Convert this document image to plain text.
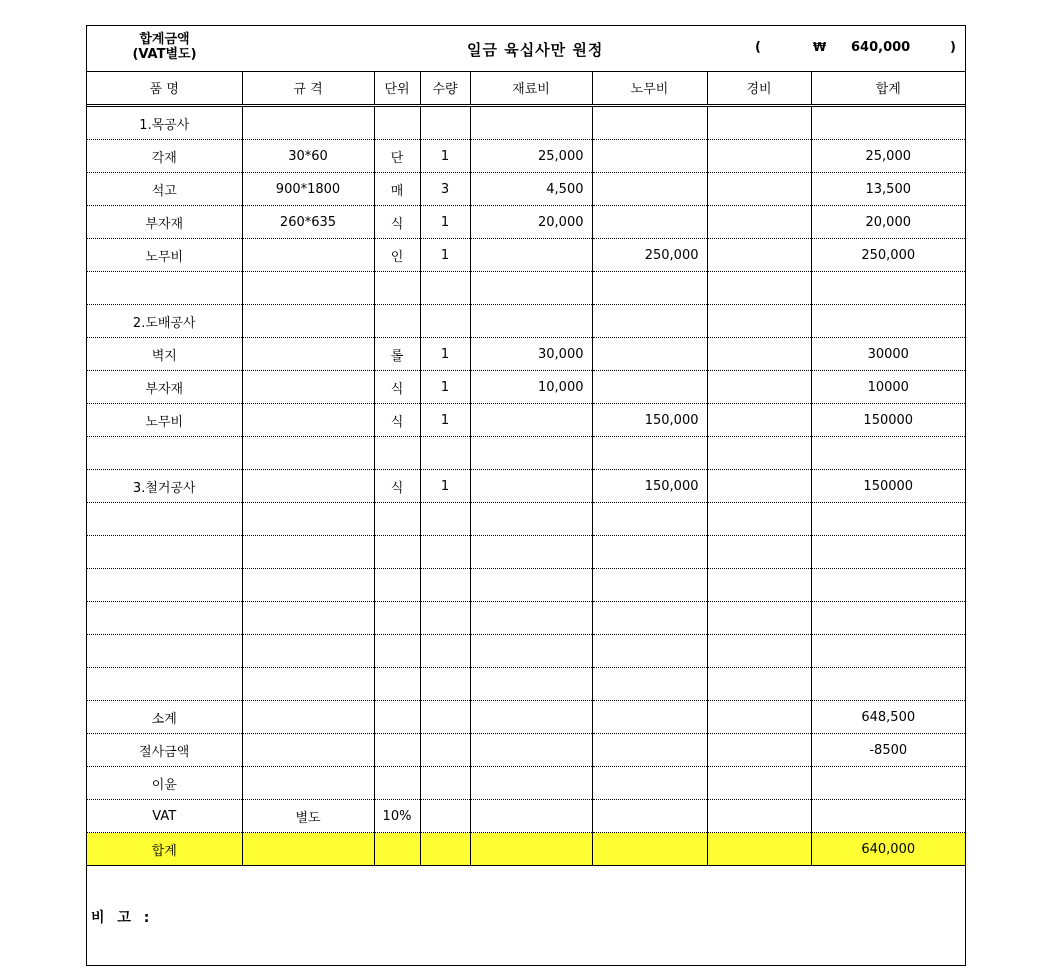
합계금액
(VAT별도)	일금 육십사만 원정	(	₩ 640,000	)
품 명	규 격	단위	수량	재료비	노무비	경비	합계
1.목공사							
각재	30*60	단	1	25,000			25,000
석고	900*1800	매	3	4,500			13,500
부자재	260*635	식	1	20,000			20,000
노무비		인	1		250,000		250,000

2.도배공사							
벽지		롤	1	30,000			30000
부자재		식	1	10,000			10000
노무비		식	1		150,000		150000

3.철거공사		식	1		150,000		150000

소계							648,500
절사금액							-8500
이윤							
VAT	별도	10%					
합계							640,000
비 고 :
